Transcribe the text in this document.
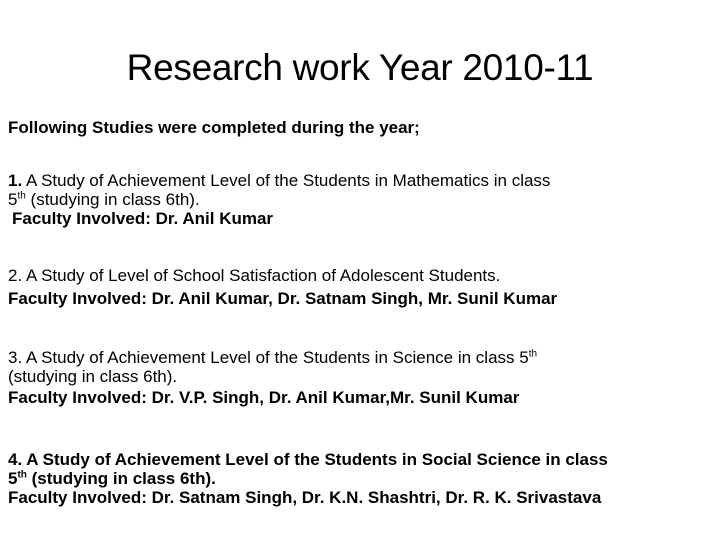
Research work Year 2010-11
Following Studies were completed during the year;
1. A Study of Achievement Level of the Students in Mathematics in class
5th (studying in class 6th).
Faculty Involved: Dr. Anil Kumar
2. A Study of Level of School Satisfaction of Adolescent Students.
Faculty Involved: Dr. Anil Kumar, Dr. Satnam Singh, Mr. Sunil Kumar
3. A Study of Achievement Level of the Students in Science in class 5th
(studying in class 6th).
Faculty Involved: Dr. V.P. Singh, Dr. Anil Kumar,Mr. Sunil Kumar
4. A Study of Achievement Level of the Students in Social Science in class
5th (studying in class 6th).
Faculty Involved: Dr. Satnam Singh, Dr. K.N. Shashtri, Dr. R. K. Srivastava
